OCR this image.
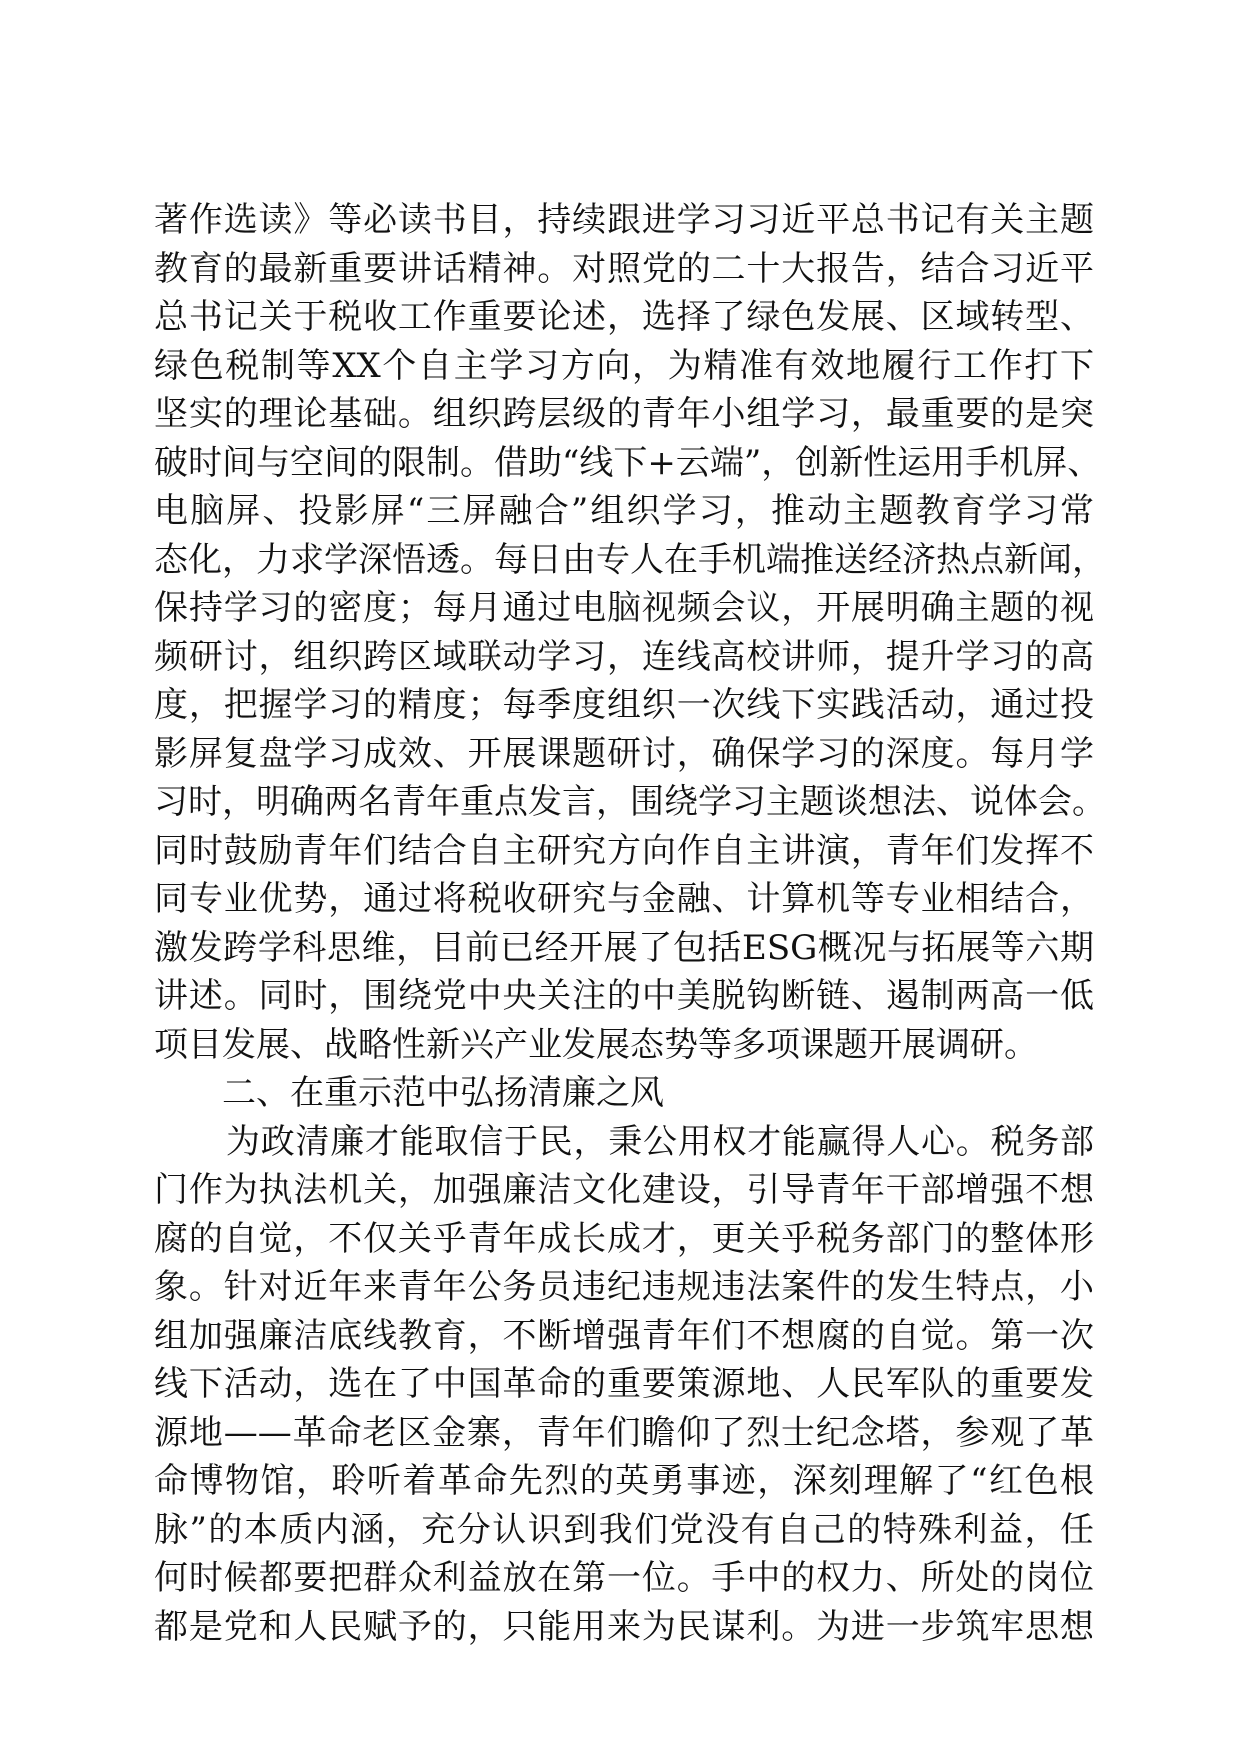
著作选读》等必读书目，持续跟进学习习近平总书记有关主题
教育的最新重要讲话精神。对照党的二十大报告，结合习近平
总书记关于税收工作重要论述，选择了绿色发展、区域转型、
绿色税制等XX个自主学习方向，为精准有效地履行工作打下
坚实的理论基础。组织跨层级的青年小组学习，最重要的是突
破时间与空间的限制。借助“线下+云端”，创新性运用手机屏、
电脑屏、投影屏“三屏融合”组织学习，推动主题教育学习常
态化，力求学深悟透。每日由专人在手机端推送经济热点新闻，
保持学习的密度；每月通过电脑视频会议，开展明确主题的视
频研讨，组织跨区域联动学习，连线高校讲师，提升学习的高
度，把握学习的精度；每季度组织一次线下实践活动，通过投
影屏复盘学习成效、开展课题研讨，确保学习的深度。每月学
习时，明确两名青年重点发言，围绕学习主题谈想法、说体会。
同时鼓励青年们结合自主研究方向作自主讲演，青年们发挥不
同专业优势，通过将税收研究与金融、计算机等专业相结合，
激发跨学科思维，目前已经开展了包括ESG概况与拓展等六期
讲述。同时，围绕党中央关注的中美脱钩断链、遏制两高一低
项目发展、战略性新兴产业发展态势等多项课题开展调研。
二、在重示范中弘扬清廉之风
为政清廉才能取信于民，秉公用权才能赢得人心。税务部
门作为执法机关，加强廉洁文化建设，引导青年干部增强不想
腐的自觉，不仅关乎青年成长成才，更关乎税务部门的整体形
象。针对近年来青年公务员违纪违规违法案件的发生特点，小
组加强廉洁底线教育，不断增强青年们不想腐的自觉。第一次
线下活动，选在了中国革命的重要策源地、人民军队的重要发
源地——革命老区金寨，青年们瞻仰了烈士纪念塔，参观了革
命博物馆，聆听着革命先烈的英勇事迹，深刻理解了“红色根
脉”的本质内涵，充分认识到我们党没有自己的特殊利益，任
何时候都要把群众利益放在第一位。手中的权力、所处的岗位
都是党和人民赋予的，只能用来为民谋利。为进一步筑牢思想
